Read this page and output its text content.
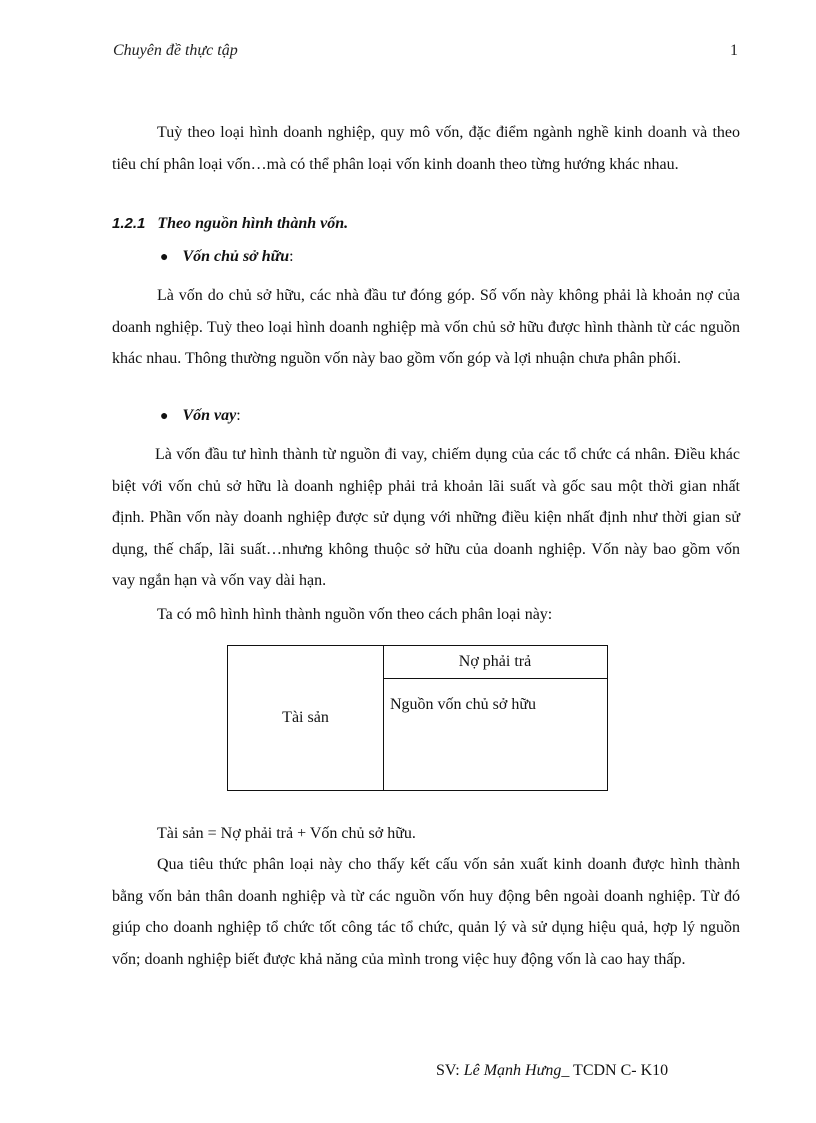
Chuyên đề thực tập	1

Tuỳ theo loại hình doanh nghiệp, quy mô vốn, đặc điểm ngành nghề kinh doanh và theo tiêu chí phân loại vốn…mà có thể phân loại vốn kinh doanh theo từng hướng khác nhau.

1.2.1 Theo nguồn hình thành vốn.
● Vốn chủ sở hữu:

Là vốn do chủ sở hữu, các nhà đầu tư đóng góp. Số vốn này không phải là khoản nợ của doanh nghiệp. Tuỳ theo loại hình doanh nghiệp mà vốn chủ sở hữu được hình thành từ các nguồn khác nhau. Thông thường nguồn vốn này bao gồm vốn góp và lợi nhuận chưa phân phối.

● Vốn vay:

Là vốn đầu tư hình thành từ nguồn đi vay, chiếm dụng của các tổ chức cá nhân. Điều khác biệt với vốn chủ sở hữu là doanh nghiệp phải trả khoản lãi suất và gốc sau một thời gian nhất định. Phần vốn này doanh nghiệp được sử dụng với những điều kiện nhất định như thời gian sử dụng, thế chấp, lãi suất…nhưng không thuộc sở hữu của doanh nghiệp. Vốn này bao gồm vốn vay ngắn hạn và vốn vay dài hạn.

Ta có mô hình hình thành nguồn vốn theo cách phân loại này:

Tài sản
Nợ phải trả
Nguồn vốn chủ sở hữu

Tài sản = Nợ phải trả + Vốn chủ sở hữu.

Qua tiêu thức phân loại này cho thấy kết cấu vốn sản xuất kinh doanh được hình thành bằng vốn bản thân doanh nghiệp và từ các nguồn vốn huy động bên ngoài doanh nghiệp. Từ đó giúp cho doanh nghiệp tổ chức tốt công tác tổ chức, quản lý và sử dụng hiệu quả, hợp lý nguồn vốn; doanh nghiệp biết được khả năng của mình trong việc huy động vốn là cao hay thấp.

SV: Lê Mạnh Hưng_ TCDN C- K10
